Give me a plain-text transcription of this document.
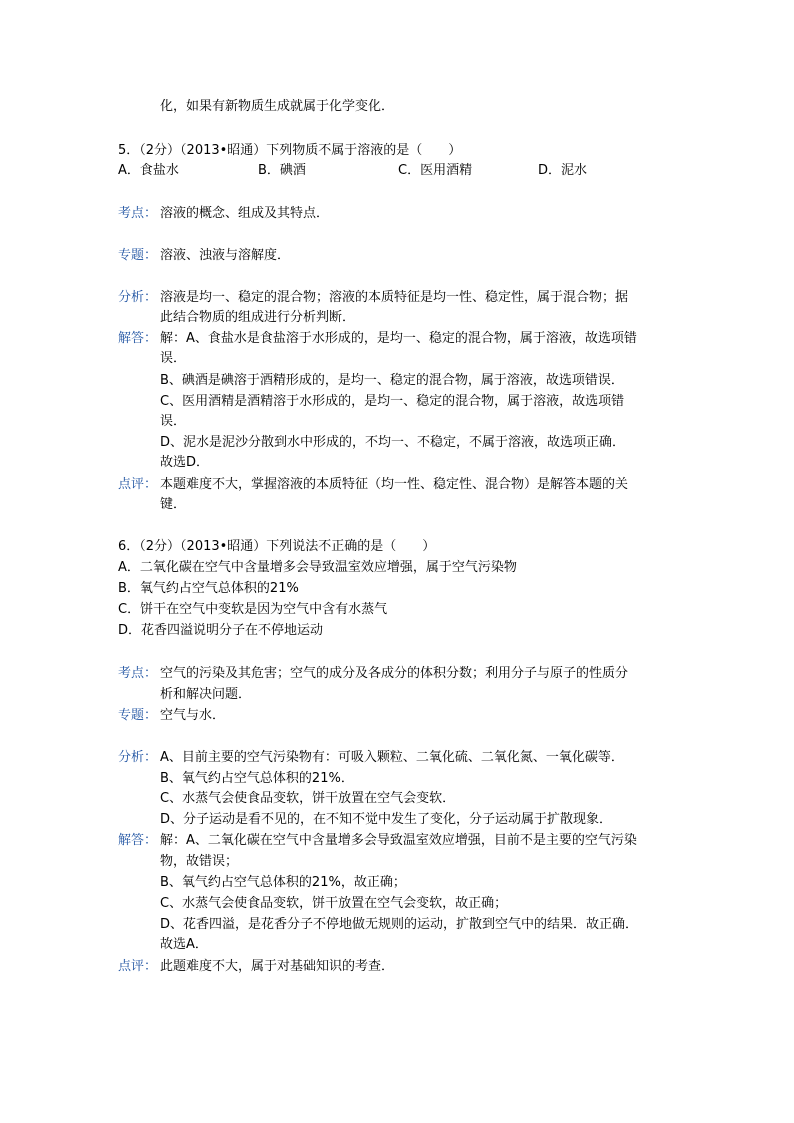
化，如果有新物质生成就属于化学变化．
5．（2分）（2013•昭通）下列物质不属于溶液的是（　　）
A．食盐水	B．碘酒	C．医用酒精	D．泥水
考点： 溶液的概念、组成及其特点．
专题： 溶液、浊液与溶解度．
分析： 溶液是均一、稳定的混合物；溶液的本质特征是均一性、稳定性，属于混合物；据
此结合物质的组成进行分析判断．
解答： 解：A、食盐水是食盐溶于水形成的，是均一、稳定的混合物，属于溶液，故选项错
误．
B、碘酒是碘溶于酒精形成的，是均一、稳定的混合物，属于溶液，故选项错误．
C、医用酒精是酒精溶于水形成的，是均一、稳定的混合物，属于溶液，故选项错
误．
D、泥水是泥沙分散到水中形成的，不均一、不稳定，不属于溶液，故选项正确．
故选D．
点评： 本题难度不大，掌握溶液的本质特征（均一性、稳定性、混合物）是解答本题的关
键．
6．（2分）（2013•昭通）下列说法不正确的是（　　）
A．二氧化碳在空气中含量增多会导致温室效应增强，属于空气污染物
B．氧气约占空气总体积的21%
C．饼干在空气中变软是因为空气中含有水蒸气
D．花香四溢说明分子在不停地运动
考点： 空气的污染及其危害；空气的成分及各成分的体积分数；利用分子与原子的性质分
析和解决问题．
专题： 空气与水．
分析： A、目前主要的空气污染物有：可吸入颗粒、二氧化硫、二氧化氮、一氧化碳等．
B、氧气约占空气总体积的21%．
C、水蒸气会使食品变软，饼干放置在空气会变软．
D、分子运动是看不见的，在不知不觉中发生了变化，分子运动属于扩散现象．
解答： 解：A、二氧化碳在空气中含量增多会导致温室效应增强，目前不是主要的空气污染
物，故错误；
B、氧气约占空气总体积的21%，故正确；
C、水蒸气会使食品变软，饼干放置在空气会变软，故正确；
D、花香四溢，是花香分子不停地做无规则的运动，扩散到空气中的结果．故正确．
故选A．
点评： 此题难度不大，属于对基础知识的考查．
